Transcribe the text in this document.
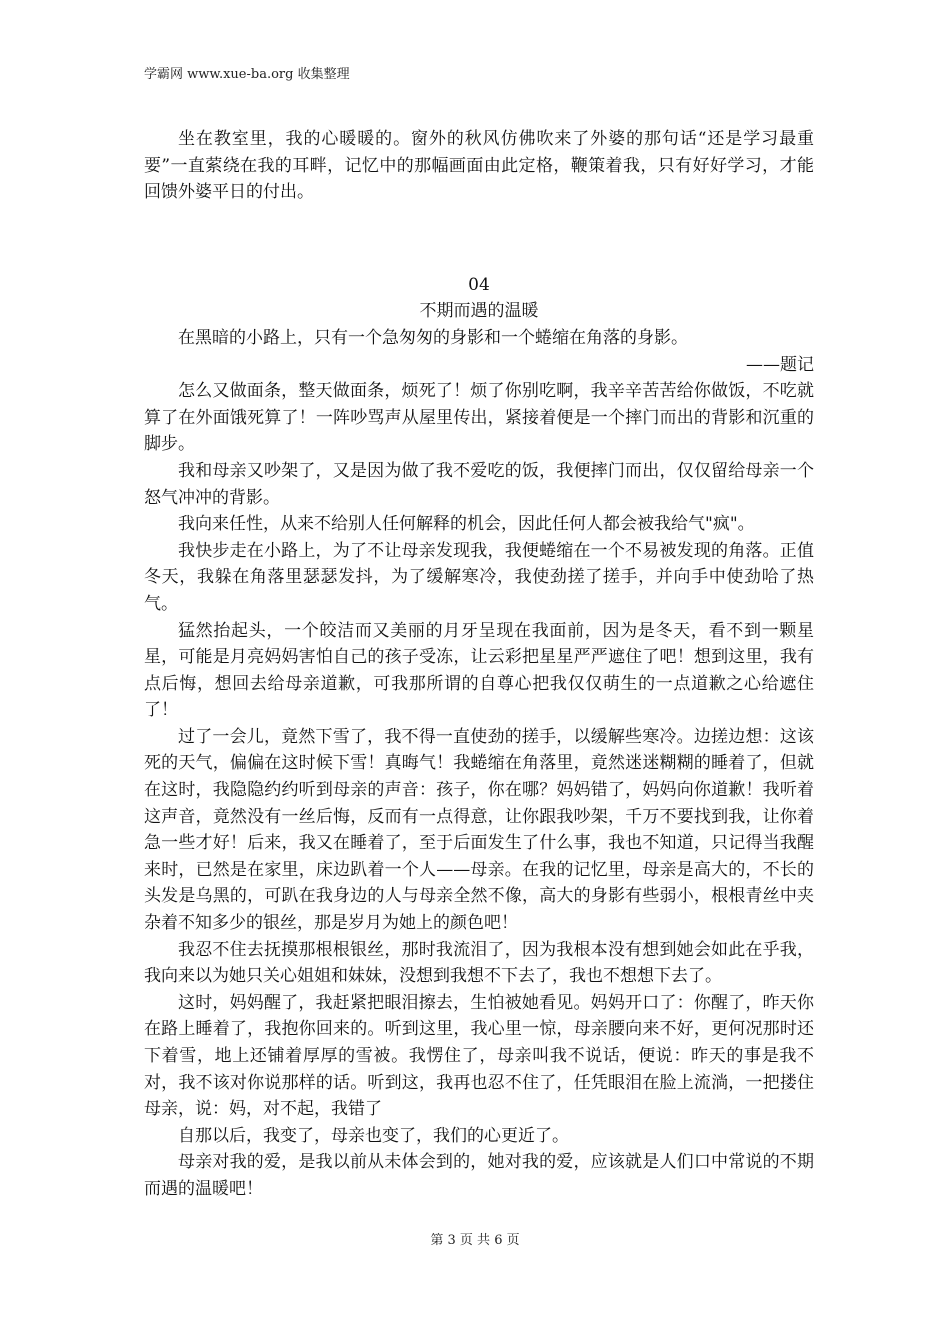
学霸网 www.xue-ba.org 收集整理

坐在教室里，我的心暖暖的。窗外的秋风仿佛吹来了外婆的那句话“还是学习最重要”一直萦绕在我的耳畔，记忆中的那幅画面由此定格，鞭策着我，只有好好学习，才能回馈外婆平日的付出。

04

不期而遇的温暖

在黑暗的小路上，只有一个急匆匆的身影和一个蜷缩在角落的身影。

——题记

怎么又做面条，整天做面条，烦死了！烦了你别吃啊，我辛辛苦苦给你做饭，不吃就算了在外面饿死算了！一阵吵骂声从屋里传出，紧接着便是一个摔门而出的背影和沉重的脚步。

我和母亲又吵架了，又是因为做了我不爱吃的饭，我便摔门而出，仅仅留给母亲一个怒气冲冲的背影。

我向来任性，从来不给别人任何解释的机会，因此任何人都会被我给气"疯"。

我快步走在小路上，为了不让母亲发现我，我便蜷缩在一个不易被发现的角落。正值冬天，我躲在角落里瑟瑟发抖，为了缓解寒冷，我使劲搓了搓手，并向手中使劲哈了热气。

猛然抬起头，一个皎洁而又美丽的月牙呈现在我面前，因为是冬天，看不到一颗星星，可能是月亮妈妈害怕自己的孩子受冻，让云彩把星星严严遮住了吧！想到这里，我有点后悔，想回去给母亲道歉，可我那所谓的自尊心把我仅仅萌生的一点道歉之心给遮住了！

过了一会儿，竟然下雪了，我不得一直使劲的搓手，以缓解些寒冷。边搓边想：这该死的天气，偏偏在这时候下雪！真晦气！我蜷缩在角落里，竟然迷迷糊糊的睡着了，但就在这时，我隐隐约约听到母亲的声音：孩子，你在哪？妈妈错了，妈妈向你道歉！我听着这声音，竟然没有一丝后悔，反而有一点得意，让你跟我吵架，千万不要找到我，让你着急一些才好！后来，我又在睡着了，至于后面发生了什么事，我也不知道，只记得当我醒来时，已然是在家里，床边趴着一个人——母亲。在我的记忆里，母亲是高大的，不长的头发是乌黑的，可趴在我身边的人与母亲全然不像，高大的身影有些弱小，根根青丝中夹杂着不知多少的银丝，那是岁月为她上的颜色吧！

我忍不住去抚摸那根根银丝，那时我流泪了，因为我根本没有想到她会如此在乎我，我向来以为她只关心姐姐和妹妹，没想到我想不下去了，我也不想想下去了。

这时，妈妈醒了，我赶紧把眼泪擦去，生怕被她看见。妈妈开口了：你醒了，昨天你在路上睡着了，我抱你回来的。听到这里，我心里一惊，母亲腰向来不好，更何况那时还下着雪，地上还铺着厚厚的雪被。我愣住了，母亲叫我不说话，便说：昨天的事是我不对，我不该对你说那样的话。听到这，我再也忍不住了，任凭眼泪在脸上流淌，一把搂住母亲，说：妈，对不起，我错了

自那以后，我变了，母亲也变了，我们的心更近了。

母亲对我的爱，是我以前从未体会到的，她对我的爱，应该就是人们口中常说的不期而遇的温暖吧！

第 3 页 共 6 页
